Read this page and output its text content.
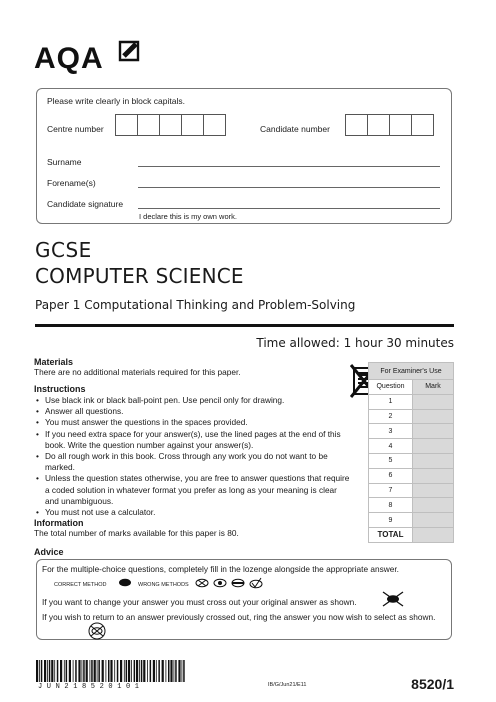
AQA
Please write clearly in block capitals.
Centre number	Candidate number
Surname
Forename(s)
Candidate signature
I declare this is my own work.
GCSE
COMPUTER SCIENCE
Paper 1 Computational Thinking and Problem-Solving
Time allowed: 1 hour 30 minutes
Materials
There are no additional materials required for this paper.
Instructions
• Use black ink or black ball-point pen. Use pencil only for drawing.
• Answer all questions.
• You must answer the questions in the spaces provided.
• If you need extra space for your answer(s), use the lined pages at the end of this book. Write the question number against your answer(s).
• Do all rough work in this book. Cross through any work you do not want to be marked.
• Unless the question states otherwise, you are free to answer questions that require a coded solution in whatever format you prefer as long as your meaning is clear and unambiguous.
• You must not use a calculator.
Information
The total number of marks available for this paper is 80.
For Examiner's Use	
Question	Mark
1	
2	
3	
4	
5	
6	
7	
8	
9	
TOTAL	
Advice
For the multiple-choice questions, completely fill in the lozenge alongside the appropriate answer.
CORRECT METHOD	WRONG METHODS
If you want to change your answer you must cross out your original answer as shown.
If you wish to return to an answer previously crossed out, ring the answer you now wish to select as shown.
JUN218520101	IB/G/Jun21/E11	8520/1
